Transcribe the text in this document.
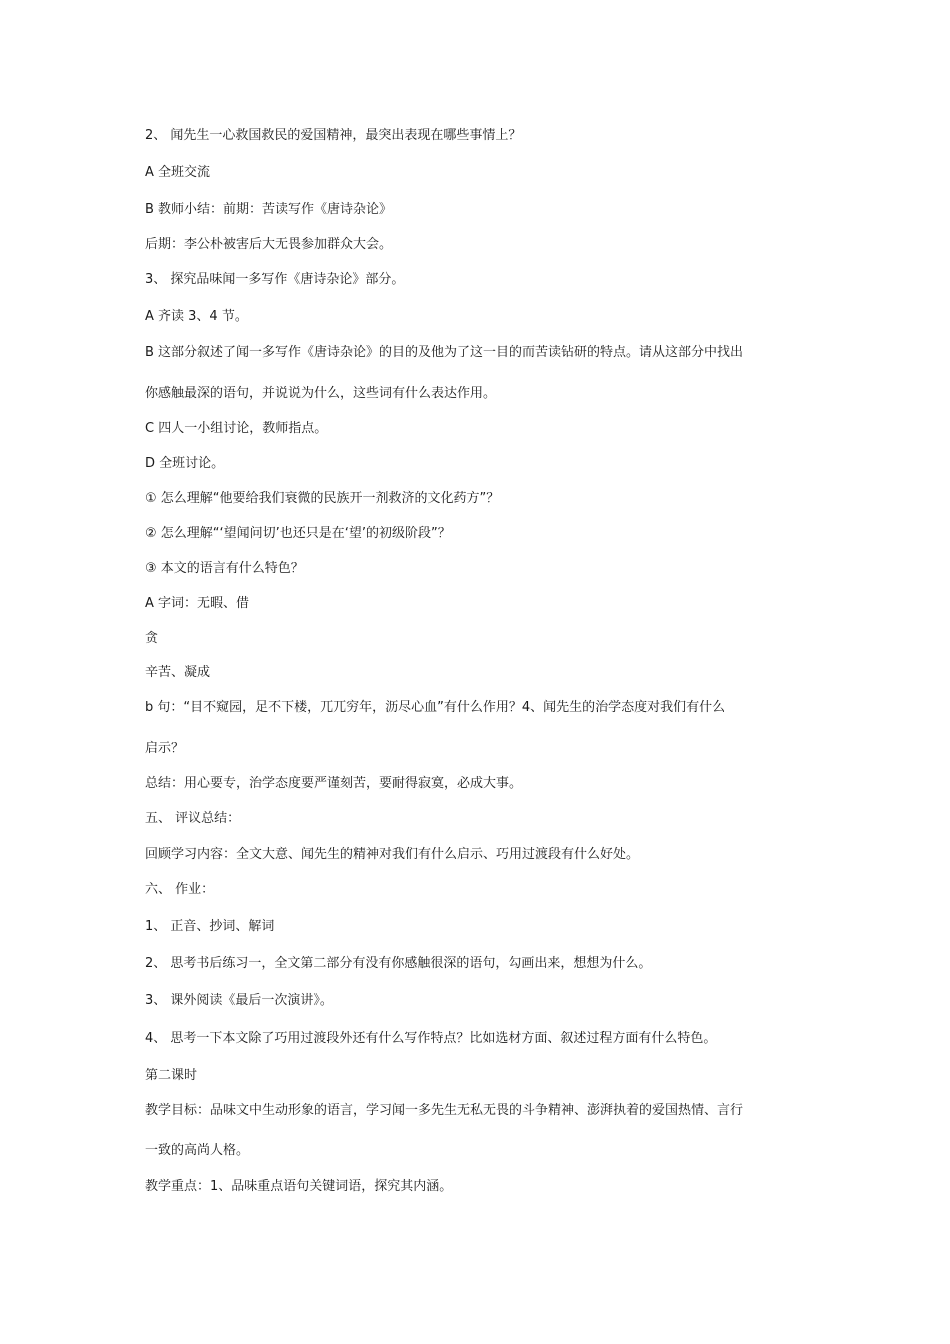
2、 闻先生一心救国救民的爱国精神，最突出表现在哪些事情上？
A 全班交流
B 教师小结：前期：苦读写作《唐诗杂论》
后期：李公朴被害后大无畏参加群众大会。
3、 探究品味闻一多写作《唐诗杂论》部分。
A 齐读 3、4 节。
B 这部分叙述了闻一多写作《唐诗杂论》的目的及他为了这一目的而苦读钻研的特点。请从这部分中找出
你感触最深的语句，并说说为什么，这些词有什么表达作用。
C 四人一小组讨论，教师指点。
D 全班讨论。
① 怎么理解“他要给我们衰微的民族开一剂救济的文化药方”？
② 怎么理解“‘望闻问切’也还只是在‘望’的初级阶段”？
③ 本文的语言有什么特色？
A 字词：无暇、借
贪
辛苦、凝成
b 句：“目不窥园，足不下楼，兀兀穷年，沥尽心血”有什么作用？4、闻先生的治学态度对我们有什么
启示？
总结：用心要专，治学态度要严谨刻苦，要耐得寂寞，必成大事。
五、 评议总结：
回顾学习内容：全文大意、闻先生的精神对我们有什么启示、巧用过渡段有什么好处。
六、 作业：
1、 正音、抄词、解词
2、 思考书后练习一，全文第二部分有没有你感触很深的语句，勾画出来，想想为什么。
3、 课外阅读《最后一次演讲》。
4、 思考一下本文除了巧用过渡段外还有什么写作特点？比如选材方面、叙述过程方面有什么特色。
第二课时
教学目标：品味文中生动形象的语言，学习闻一多先生无私无畏的斗争精神、澎湃执着的爱国热情、言行
一致的高尚人格。
教学重点：1、品味重点语句关键词语，探究其内涵。
